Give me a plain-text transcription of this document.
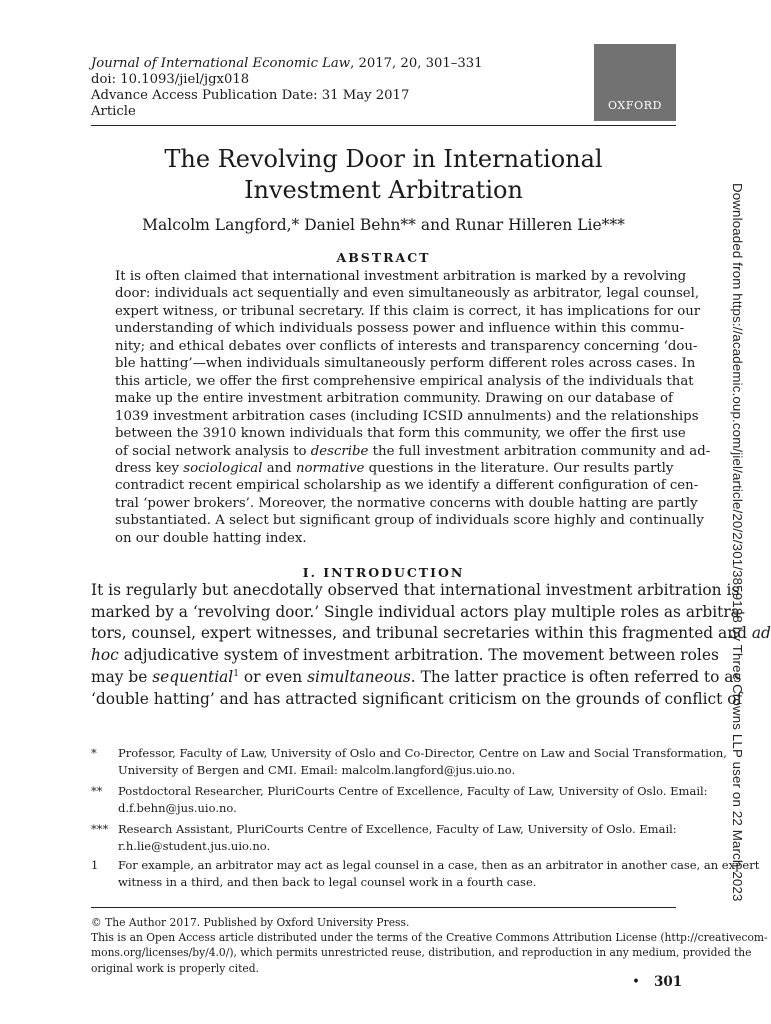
Journal of International Economic Law, 2017, 20, 301–331
doi: 10.1093/jiel/jgx018
Advance Access Publication Date: 31 May 2017
Article	OXFORD
The Revolving Door in International
Investment Arbitration
Malcolm Langford,* Daniel Behn** and Runar Hilleren Lie***
ABSTRACT
It is often claimed that international investment arbitration is marked by a revolving
door: individuals act sequentially and even simultaneously as arbitrator, legal counsel,
expert witness, or tribunal secretary. If this claim is correct, it has implications for our
understanding of which individuals possess power and influence within this commu-
nity; and ethical debates over conflicts of interests and transparency concerning ‘dou-
ble hatting’—when individuals simultaneously perform different roles across cases. In
this article, we offer the first comprehensive empirical analysis of the individuals that
make up the entire investment arbitration community. Drawing on our database of
1039 investment arbitration cases (including ICSID annulments) and the relationships
between the 3910 known individuals that form this community, we offer the first use
of social network analysis to describe the full investment arbitration community and ad-
dress key sociological and normative questions in the literature. Our results partly
contradict recent empirical scholarship as we identify a different configuration of cen-
tral ‘power brokers’. Moreover, the normative concerns with double hatting are partly
substantiated. A select but significant group of individuals score highly and continually
on our double hatting index.
I. INTRODUCTION
It is regularly but anecdotally observed that international investment arbitration is
marked by a ‘revolving door.’ Single individual actors play multiple roles as arbitra-
tors, counsel, expert witnesses, and tribunal secretaries within this fragmented and ad
hoc adjudicative system of investment arbitration. The movement between roles
may be sequential$^1$ or even simultaneous. The latter practice is often referred to as
‘double hatting’ and has attracted significant criticism on the grounds of conflict of
* Professor, Faculty of Law, University of Oslo and Co-Director, Centre on Law and Social Transformation,
University of Bergen and CMI. Email: malcolm.langford@jus.uio.no.
** Postdoctoral Researcher, PluriCourts Centre of Excellence, Faculty of Law, University of Oslo. Email:
d.f.behn@jus.uio.no.
*** Research Assistant, PluriCourts Centre of Excellence, Faculty of Law, University of Oslo. Email:
r.h.lie@student.jus.uio.no.
1 For example, an arbitrator may act as legal counsel in a case, then as an arbitrator in another case, an expert
witness in a third, and then back to legal counsel work in a fourth case.
© The Author 2017. Published by Oxford University Press.
This is an Open Access article distributed under the terms of the Creative Commons Attribution License (http://creativecom-
mons.org/licenses/by/4.0/), which permits unrestricted reuse, distribution, and reproduction in any medium, provided the
original work is properly cited.
• 301
Downloaded from https://academic.oup.com/jiel/article/20/2/301/3859188 by Three Crowns LLP user on 22 March 2023
